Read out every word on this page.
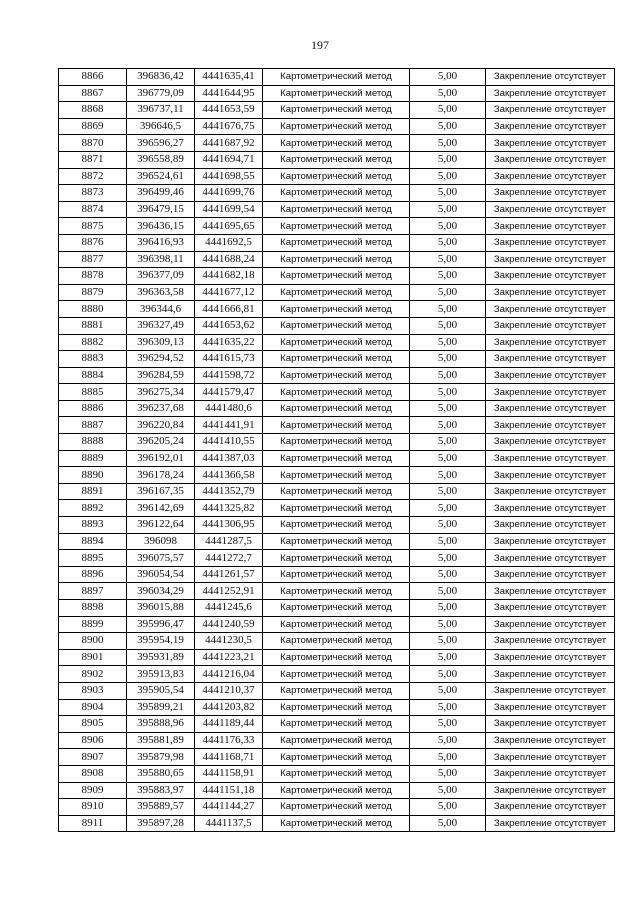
197
8866	396836,42	4441635,41	Картометрический метод	5,00	Закрепление отсутствует
8867	396779,09	4441644,95	Картометрический метод	5,00	Закрепление отсутствует
8868	396737,11	4441653,59	Картометрический метод	5,00	Закрепление отсутствует
8869	396646,5	4441676,75	Картометрический метод	5,00	Закрепление отсутствует
8870	396596,27	4441687,92	Картометрический метод	5,00	Закрепление отсутствует
8871	396558,89	4441694,71	Картометрический метод	5,00	Закрепление отсутствует
8872	396524,61	4441698,55	Картометрический метод	5,00	Закрепление отсутствует
8873	396499,46	4441699,76	Картометрический метод	5,00	Закрепление отсутствует
8874	396479,15	4441699,54	Картометрический метод	5,00	Закрепление отсутствует
8875	396436,15	4441695,65	Картометрический метод	5,00	Закрепление отсутствует
8876	396416,93	4441692,5	Картометрический метод	5,00	Закрепление отсутствует
8877	396398,11	4441688,24	Картометрический метод	5,00	Закрепление отсутствует
8878	396377,09	4441682,18	Картометрический метод	5,00	Закрепление отсутствует
8879	396363,58	4441677,12	Картометрический метод	5,00	Закрепление отсутствует
8880	396344,6	4441666,81	Картометрический метод	5,00	Закрепление отсутствует
8881	396327,49	4441653,62	Картометрический метод	5,00	Закрепление отсутствует
8882	396309,13	4441635,22	Картометрический метод	5,00	Закрепление отсутствует
8883	396294,52	4441615,73	Картометрический метод	5,00	Закрепление отсутствует
8884	396284,59	4441598,72	Картометрический метод	5,00	Закрепление отсутствует
8885	396275,34	4441579,47	Картометрический метод	5,00	Закрепление отсутствует
8886	396237,68	4441480,6	Картометрический метод	5,00	Закрепление отсутствует
8887	396220,84	4441441,91	Картометрический метод	5,00	Закрепление отсутствует
8888	396205,24	4441410,55	Картометрический метод	5,00	Закрепление отсутствует
8889	396192,01	4441387,03	Картометрический метод	5,00	Закрепление отсутствует
8890	396178,24	4441366,58	Картометрический метод	5,00	Закрепление отсутствует
8891	396167,35	4441352,79	Картометрический метод	5,00	Закрепление отсутствует
8892	396142,69	4441325,82	Картометрический метод	5,00	Закрепление отсутствует
8893	396122,64	4441306,95	Картометрический метод	5,00	Закрепление отсутствует
8894	396098	4441287,5	Картометрический метод	5,00	Закрепление отсутствует
8895	396075,57	4441272,7	Картометрический метод	5,00	Закрепление отсутствует
8896	396054,54	4441261,57	Картометрический метод	5,00	Закрепление отсутствует
8897	396034,29	4441252,91	Картометрический метод	5,00	Закрепление отсутствует
8898	396015,88	4441245,6	Картометрический метод	5,00	Закрепление отсутствует
8899	395996,47	4441240,59	Картометрический метод	5,00	Закрепление отсутствует
8900	395954,19	4441230,5	Картометрический метод	5,00	Закрепление отсутствует
8901	395931,89	4441223,21	Картометрический метод	5,00	Закрепление отсутствует
8902	395913,83	4441216,04	Картометрический метод	5,00	Закрепление отсутствует
8903	395905,54	4441210,37	Картометрический метод	5,00	Закрепление отсутствует
8904	395899,21	4441203,82	Картометрический метод	5,00	Закрепление отсутствует
8905	395888,96	4441189,44	Картометрический метод	5,00	Закрепление отсутствует
8906	395881,89	4441176,33	Картометрический метод	5,00	Закрепление отсутствует
8907	395879,98	4441168,71	Картометрический метод	5,00	Закрепление отсутствует
8908	395880,65	4441158,91	Картометрический метод	5,00	Закрепление отсутствует
8909	395883,97	4441151,18	Картометрический метод	5,00	Закрепление отсутствует
8910	395889,57	4441144,27	Картометрический метод	5,00	Закрепление отсутствует
8911	395897,28	4441137,5	Картометрический метод	5,00	Закрепление отсутствует
